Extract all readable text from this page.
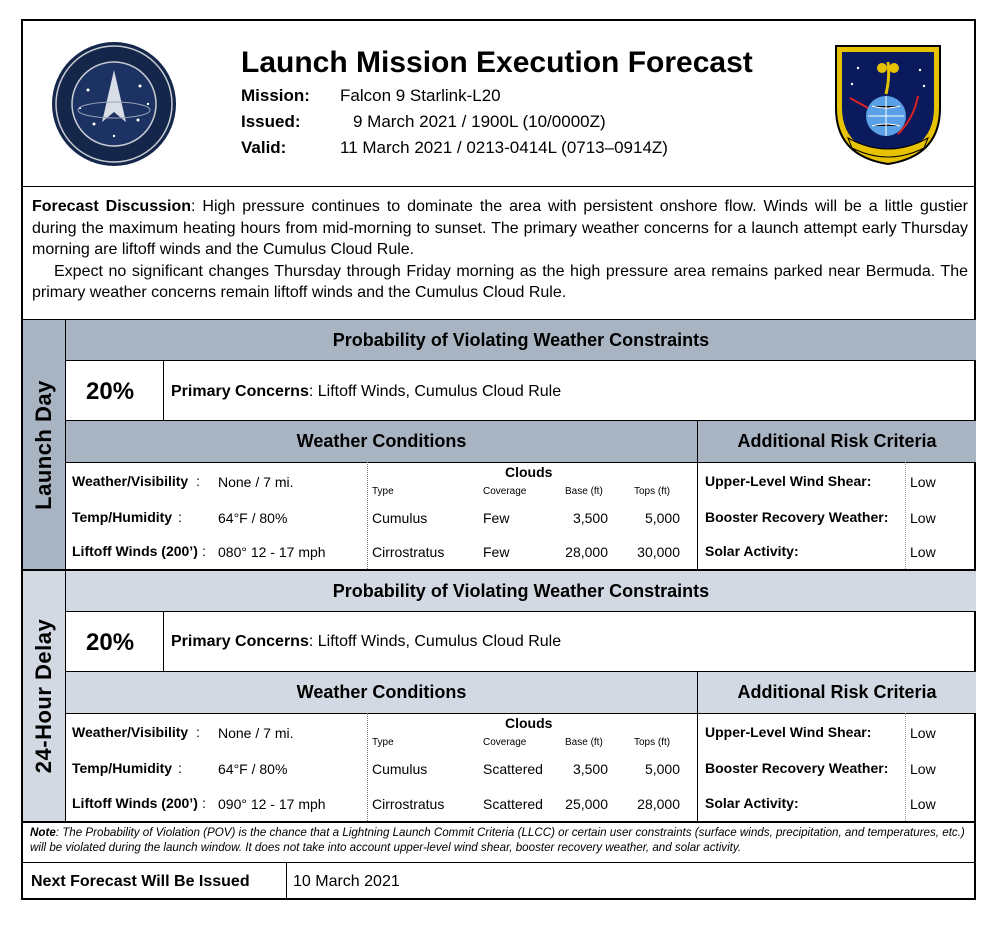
Launch Mission Execution Forecast
Mission: Falcon 9 Starlink-L20
Issued:	9 March 2021 / 1900L (10/0000Z)
Valid:	11 March 2021 / 0213-0414L (0713–0914Z)

Forecast Discussion: High pressure continues to dominate the area with persistent onshore flow. Winds will be a little gustier during the maximum heating hours from mid-morning to sunset. The primary weather concerns for a launch attempt early Thursday morning are liftoff winds and the Cumulus Cloud Rule.

Expect no significant changes Thursday through Friday morning as the high pressure area remains parked near Bermuda. The primary weather concerns remain liftoff winds and the Cumulus Cloud Rule.

Launch Day
Probability of Violating Weather Constraints
20% Primary Concerns: Liftoff Winds, Cumulus Cloud Rule
Weather Conditions	Additional Risk Criteria
Weather/Visibility : None / 7 mi.
Temp/Humidity :	64°F / 80%
Liftoff Winds (200’) : 080° 12 - 17 mph
Clouds
Type	Coverage	Base (ft)	Tops (ft)
Cumulus	Few	3,500	5,000
Cirrostratus	Few	28,000 30,000
Upper-Level Wind Shear:	Low
Booster Recovery Weather: Low
Solar Activity:	Low
24-Hour Delay
Probability of Violating Weather Constraints
20% Primary Concerns: Liftoff Winds, Cumulus Cloud Rule
Weather Conditions	Additional Risk Criteria
Weather/Visibility : None / 7 mi.
Temp/Humidity :	64°F / 80%
Liftoff Winds (200’) : 090° 12 - 17 mph
Clouds
Type	Coverage	Base (ft)	Tops (ft)
Cumulus	Scattered 3,500	5,000
Cirrostratus	Scattered 25,000 28,000
Upper-Level Wind Shear:	Low
Booster Recovery Weather: Low
Solar Activity:	Low
Note: The Probability of Violation (POV) is the chance that a Lightning Launch Commit Criteria (LLCC) or certain user constraints (surface winds, precipitation, and temperatures, etc.) will be violated during the launch window. It does not take into account upper-level wind shear, booster recovery weather, and solar activity.
Next Forecast Will Be Issued	10 March 2021
